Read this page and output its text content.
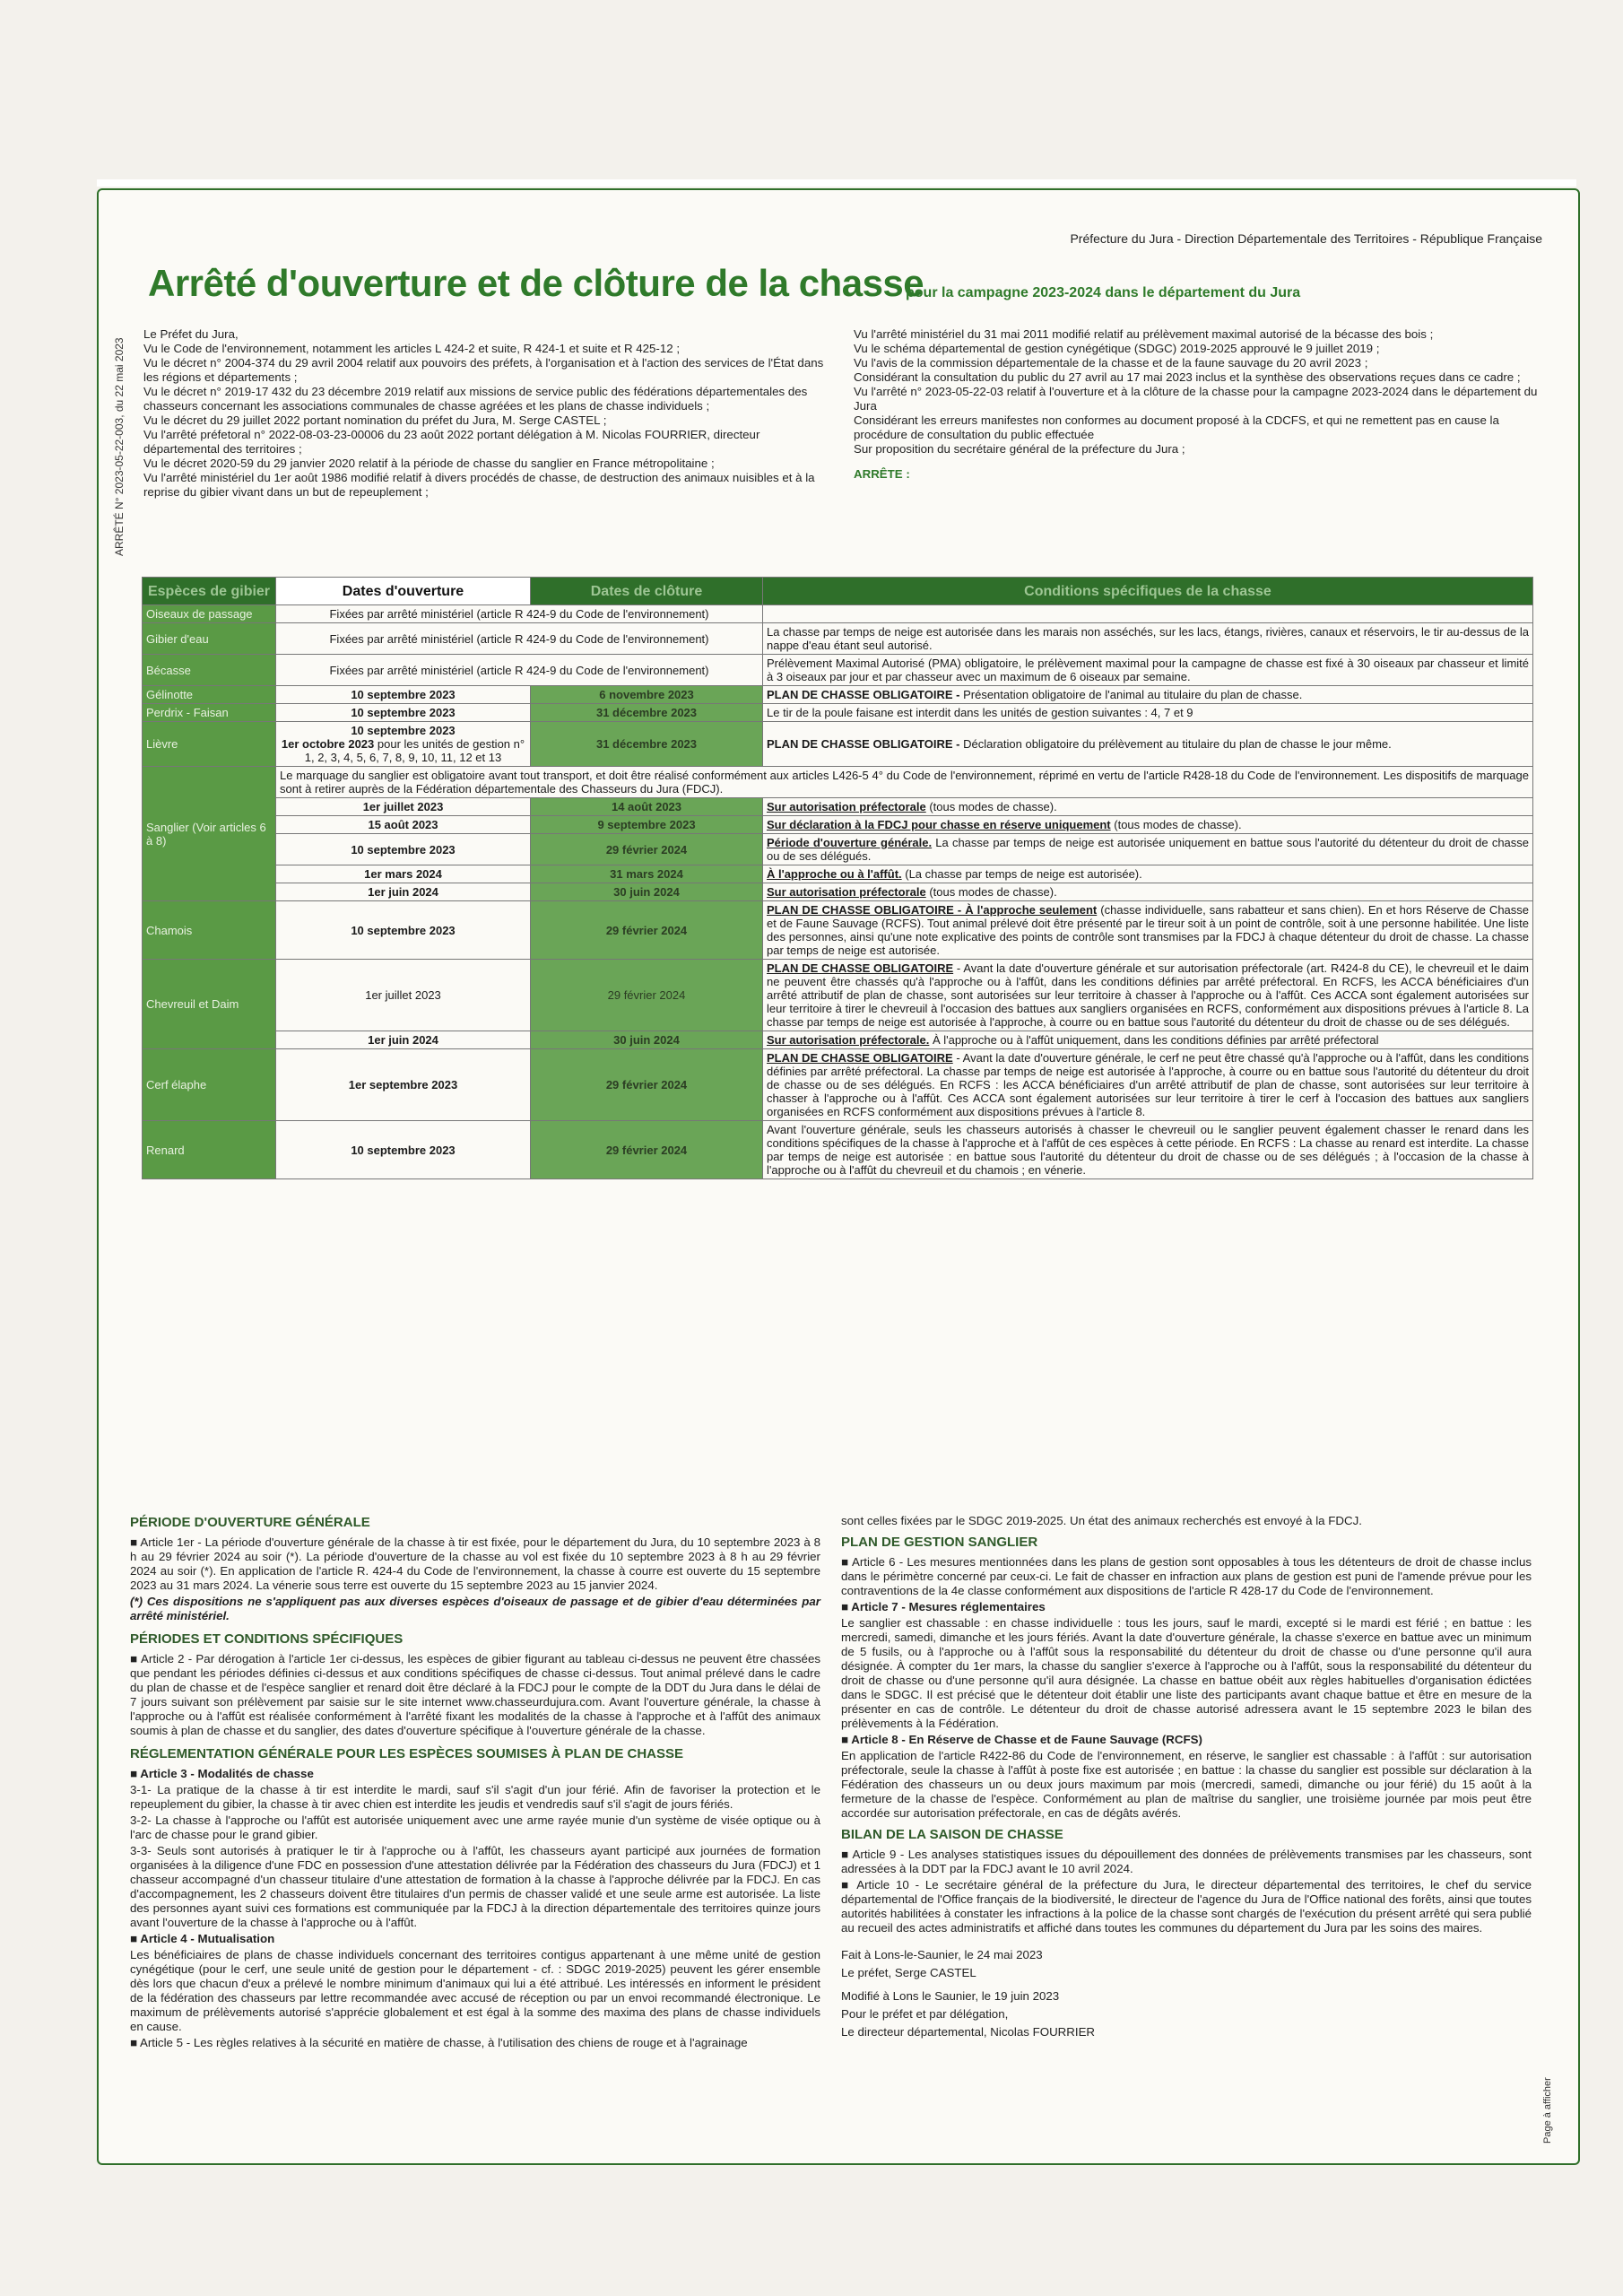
ARRÊTÉ N° 2023-05-22-003, du 22 mai 2023
Page à afficher
Préfecture du Jura - Direction Départementale des Territoires - République Française
Arrêté d'ouverture et de clôture de la chasse
pour la campagne 2023-2024 dans le département du Jura

Le Préfet du Jura,

Vu le Code de l'environnement, notamment les articles L 424-2 et suite, R 424-1 et suite et R 425-12 ;

Vu le décret n° 2004-374 du 29 avril 2004 relatif aux pouvoirs des préfets, à l'organisation et à l'action des services de l'État dans les régions et départements ;

Vu le décret n° 2019-17 432 du 23 décembre 2019 relatif aux missions de service public des fédérations départementales des chasseurs concernant les associations communales de chasse agréées et les plans de chasse individuels ;

Vu le décret du 29 juillet 2022 portant nomination du préfet du Jura, M. Serge CASTEL ;

Vu l'arrêté préfetoral n° 2022-08-03-23-00006 du 23 août 2022 portant délégation à M. Nicolas FOURRIER, directeur départemental des territoires ;

Vu le décret 2020-59 du 29 janvier 2020 relatif à la période de chasse du sanglier en France métropolitaine ;

Vu l'arrêté ministériel du 1er août 1986 modifié relatif à divers procédés de chasse, de destruction des animaux nuisibles et à la reprise du gibier vivant dans un but de repeuplement ;

Vu l'arrêté ministériel du 31 mai 2011 modifié relatif au prélèvement maximal autorisé de la bécasse des bois ;

Vu le schéma départemental de gestion cynégétique (SDGC) 2019-2025 approuvé le 9 juillet 2019 ;

Vu l'avis de la commission départementale de la chasse et de la faune sauvage du 20 avril 2023 ;

Considérant la consultation du public du 27 avril au 17 mai 2023 inclus et la synthèse des observations reçues dans ce cadre ;

Vu l'arrêté n° 2023-05-22-03 relatif à l'ouverture et à la clôture de la chasse pour la campagne 2023-2024 dans le département du Jura

Considérant les erreurs manifestes non conformes au document proposé à la CDCFS, et qui ne remettent pas en cause la procédure de consultation du public effectuée

Sur proposition du secrétaire général de la préfecture du Jura ;

ARRÊTE :

Espèces de gibier	Dates d'ouverture	Dates de clôture	Conditions spécifiques de la chasse
Oiseaux de passage	Fixées par arrêté ministériel (article R 424-9 du Code de l'environnement)		
Gibier d'eau	Fixées par arrêté ministériel (article R 424-9 du Code de l'environnement)		La chasse par temps de neige est autorisée dans les marais non asséchés, sur les lacs, étangs, rivières, canaux et réservoirs, le tir au-dessus de la nappe d'eau étant seul autorisé.
Bécasse	Fixées par arrêté ministériel (article R 424-9 du Code de l'environnement)		Prélèvement Maximal Autorisé (PMA) obligatoire, le prélèvement maximal pour la campagne de chasse est fixé à 30 oiseaux par chasseur et limité à 3 oiseaux par jour et par chasseur avec un maximum de 6 oiseaux par semaine.
Gélinotte	10 septembre 2023	6 novembre 2023	PLAN DE CHASSE OBLIGATOIRE - Présentation obligatoire de l'animal au titulaire du plan de chasse.
Perdrix - Faisan	10 septembre 2023	31 décembre 2023	Le tir de la poule faisane est interdit dans les unités de gestion suivantes : 4, 7 et 9
Lièvre	10 septembre 2023
1er octobre 2023 pour les unités de gestion n° 1, 2, 3, 4, 5, 6, 7, 8, 9, 10, 11, 12 et 13	31 décembre 2023	PLAN DE CHASSE OBLIGATOIRE - Déclaration obligatoire du prélèvement au titulaire du plan de chasse le jour même.
Sanglier (Voir articles 6 à 8)	Le marquage du sanglier est obligatoire avant tout transport, et doit être réalisé conformément aux articles L426-5 4° du Code de l'environnement, réprimé en vertu de l'article R428-18 du Code de l'environnement. Les dispositifs de marquage sont à retirer auprès de la Fédération départementale des Chasseurs du Jura (FDCJ).		
	1er juillet 2023	14 août 2023	Sur autorisation préfectorale (tous modes de chasse).
	15 août 2023	9 septembre 2023	Sur déclaration à la FDCJ pour chasse en réserve uniquement (tous modes de chasse).
	10 septembre 2023	29 février 2024	Période d'ouverture générale. La chasse par temps de neige est autorisée uniquement en battue sous l'autorité du détenteur du droit de chasse ou de ses délégués.
	1er mars 2024	31 mars 2024	À l'approche ou à l'affût. (La chasse par temps de neige est autorisée).
	1er juin 2024	30 juin 2024	Sur autorisation préfectorale (tous modes de chasse).
Chamois	10 septembre 2023	29 février 2024	PLAN DE CHASSE OBLIGATOIRE - À l'approche seulement (chasse individuelle, sans rabatteur et sans chien). En et hors Réserve de Chasse et de Faune Sauvage (RCFS). Tout animal prélevé doit être présenté par le tireur soit à un point de contrôle, soit à une personne habilitée. Une liste des personnes, ainsi qu'une note explicative des points de contrôle sont transmises par la FDCJ à chaque détenteur du droit de chasse. La chasse par temps de neige est autorisée.
Chevreuil et Daim	1er juillet 2023	29 février 2024	PLAN DE CHASSE OBLIGATOIRE - Avant la date d'ouverture générale et sur autorisation préfectorale (art. R424-8 du CE), le chevreuil et le daim ne peuvent être chassés qu'à l'approche ou à l'affût, dans les conditions définies par arrêté préfectoral. En RCFS, les ACCA bénéficiaires d'un arrêté attributif de plan de chasse, sont autorisées sur leur territoire à chasser à l'approche ou à l'affût. Ces ACCA sont également autorisées sur leur territoire à tirer le chevreuil à l'occasion des battues aux sangliers organisées en RCFS, conformément aux dispositions prévues à l'article 8. La chasse par temps de neige est autorisée à l'approche, à courre ou en battue sous l'autorité du détenteur du droit de chasse ou de ses délégués.
	1er juin 2024	30 juin 2024	Sur autorisation préfectorale. À l'approche ou à l'affût uniquement, dans les conditions définies par arrêté préfectoral
Cerf élaphe	1er septembre 2023	29 février 2024	PLAN DE CHASSE OBLIGATOIRE - Avant la date d'ouverture générale, le cerf ne peut être chassé qu'à l'approche ou à l'affût, dans les conditions définies par arrêté préfectoral. La chasse par temps de neige est autorisée à l'approche, à courre ou en battue sous l'autorité du détenteur du droit de chasse ou de ses délégués. En RCFS : les ACCA bénéficiaires d'un arrêté attributif de plan de chasse, sont autorisées sur leur territoire à chasser à l'approche ou à l'affût. Ces ACCA sont également autorisées sur leur territoire à tirer le cerf à l'occasion des battues aux sangliers organisées en RCFS conformément aux dispositions prévues à l'article 8.
Renard	10 septembre 2023	29 février 2024	Avant l'ouverture générale, seuls les chasseurs autorisés à chasser le chevreuil ou le sanglier peuvent également chasser le renard dans les conditions spécifiques de la chasse à l'approche et à l'affût de ces espèces à cette période. En RCFS : La chasse au renard est interdite. La chasse par temps de neige est autorisée : en battue sous l'autorité du détenteur du droit de chasse ou de ses délégués ; à l'occasion de la chasse à l'approche ou à l'affût du chevreuil et du chamois ; en vénerie.
PÉRIODE D'OUVERTURE GÉNÉRALE

■ Article 1er - La période d'ouverture générale de la chasse à tir est fixée, pour le département du Jura, du 10 septembre 2023 à 8 h au 29 février 2024 au soir (*). La période d'ouverture de la chasse au vol est fixée du 10 septembre 2023 à 8 h au 29 février 2024 au soir (*). En application de l'article R. 424-4 du Code de l'environnement, la chasse à courre est ouverte du 15 septembre 2023 au 31 mars 2024. La vénerie sous terre est ouverte du 15 septembre 2023 au 15 janvier 2024.

(*) Ces dispositions ne s'appliquent pas aux diverses espèces d'oiseaux de passage et de gibier d'eau déterminées par arrêté ministériel.

PÉRIODES ET CONDITIONS SPÉCIFIQUES

■ Article 2 - Par dérogation à l'article 1er ci-dessus, les espèces de gibier figurant au tableau ci-dessus ne peuvent être chassées que pendant les périodes définies ci-dessus et aux conditions spécifiques de chasse ci-dessus. Tout animal prélevé dans le cadre du plan de chasse et de l'espèce sanglier et renard doit être déclaré à la FDCJ pour le compte de la DDT du Jura dans le délai de 7 jours suivant son prélèvement par saisie sur le site internet www.chasseurdujura.com. Avant l'ouverture générale, la chasse à l'approche ou à l'affût est réalisée conformément à l'arrêté fixant les modalités de la chasse à l'approche et à l'affût des animaux soumis à plan de chasse et du sanglier, des dates d'ouverture spécifique à l'ouverture générale de la chasse.

RÉGLEMENTATION GÉNÉRALE POUR LES ESPÈCES SOUMISES À PLAN DE CHASSE

■ Article 3 - Modalités de chasse

3-1- La pratique de la chasse à tir est interdite le mardi, sauf s'il s'agit d'un jour férié. Afin de favoriser la protection et le repeuplement du gibier, la chasse à tir avec chien est interdite les jeudis et vendredis sauf s'il s'agit de jours fériés.

3-2- La chasse à l'approche ou l'affût est autorisée uniquement avec une arme rayée munie d'un système de visée optique ou à l'arc de chasse pour le grand gibier.

3-3- Seuls sont autorisés à pratiquer le tir à l'approche ou à l'affût, les chasseurs ayant participé aux journées de formation organisées à la diligence d'une FDC en possession d'une attestation délivrée par la Fédération des chasseurs du Jura (FDCJ) et 1 chasseur accompagné d'un chasseur titulaire d'une attestation de formation à la chasse à l'approche délivrée par la FDCJ. En cas d'accompagnement, les 2 chasseurs doivent être titulaires d'un permis de chasser validé et une seule arme est autorisée. La liste des personnes ayant suivi ces formations est communiquée par la FDCJ à la direction départementale des territoires quinze jours avant l'ouverture de la chasse à l'approche ou à l'affût.

■ Article 4 - Mutualisation

Les bénéficiaires de plans de chasse individuels concernant des territoires contigus appartenant à une même unité de gestion cynégétique (pour le cerf, une seule unité de gestion pour le département - cf. : SDGC 2019-2025) peuvent les gérer ensemble dès lors que chacun d'eux a prélevé le nombre minimum d'animaux qui lui a été attribué. Les intéressés en informent le président de la fédération des chasseurs par lettre recommandée avec accusé de réception ou par un envoi recommandé électronique. Le maximum de prélèvements autorisé s'apprécie globalement et est égal à la somme des maxima des plans de chasse individuels en cause.

■ Article 5 - Les règles relatives à la sécurité en matière de chasse, à l'utilisation des chiens de rouge et à l'agrainage

sont celles fixées par le SDGC 2019-2025. Un état des animaux recherchés est envoyé à la FDCJ.

PLAN DE GESTION SANGLIER

■ Article 6 - Les mesures mentionnées dans les plans de gestion sont opposables à tous les détenteurs de droit de chasse inclus dans le périmètre concerné par ceux-ci. Le fait de chasser en infraction aux plans de gestion est puni de l'amende prévue pour les contraventions de la 4e classe conformément aux dispositions de l'article R 428-17 du Code de l'environnement.

■ Article 7 - Mesures réglementaires

Le sanglier est chassable : en chasse individuelle : tous les jours, sauf le mardi, excepté si le mardi est férié ; en battue : les mercredi, samedi, dimanche et les jours fériés. Avant la date d'ouverture générale, la chasse s'exerce en battue avec un minimum de 5 fusils, ou à l'approche ou à l'affût sous la responsabilité du détenteur du droit de chasse ou d'une personne qu'il aura désignée. À compter du 1er mars, la chasse du sanglier s'exerce à l'approche ou à l'affût, sous la responsabilité du détenteur du droit de chasse ou d'une personne qu'il aura désignée. La chasse en battue obéit aux règles habituelles d'organisation édictées dans le SDGC. Il est précisé que le détenteur doit établir une liste des participants avant chaque battue et être en mesure de la présenter en cas de contrôle. Le détenteur du droit de chasse autorisé adressera avant le 15 septembre 2023 le bilan des prélèvements à la Fédération.

■ Article 8 - En Réserve de Chasse et de Faune Sauvage (RCFS)

En application de l'article R422-86 du Code de l'environnement, en réserve, le sanglier est chassable : à l'affût : sur autorisation préfectorale, seule la chasse à l'affût à poste fixe est autorisée ; en battue : la chasse du sanglier est possible sur déclaration à la Fédération des chasseurs un ou deux jours maximum par mois (mercredi, samedi, dimanche ou jour férié) du 15 août à la fermeture de la chasse de l'espèce. Conformément au plan de maîtrise du sanglier, une troisième journée par mois peut être accordée sur autorisation préfectorale, en cas de dégâts avérés.

BILAN DE LA SAISON DE CHASSE

■ Article 9 - Les analyses statistiques issues du dépouillement des données de prélèvements transmises par les chasseurs, sont adressées à la DDT par la FDCJ avant le 10 avril 2024.

■ Article 10 - Le secrétaire général de la préfecture du Jura, le directeur départemental des territoires, le chef du service départemental de l'Office français de la biodiversité, le directeur de l'agence du Jura de l'Office national des forêts, ainsi que toutes autorités habilitées à constater les infractions à la police de la chasse sont chargés de l'exécution du présent arrêté qui sera publié au recueil des actes administratifs et affiché dans toutes les communes du département du Jura par les soins des maires.

Fait à Lons-le-Saunier, le 24 mai 2023

Le préfet, Serge CASTEL

Modifié à Lons le Saunier, le 19 juin 2023

Pour le préfet et par délégation,

Le directeur départemental, Nicolas FOURRIER
